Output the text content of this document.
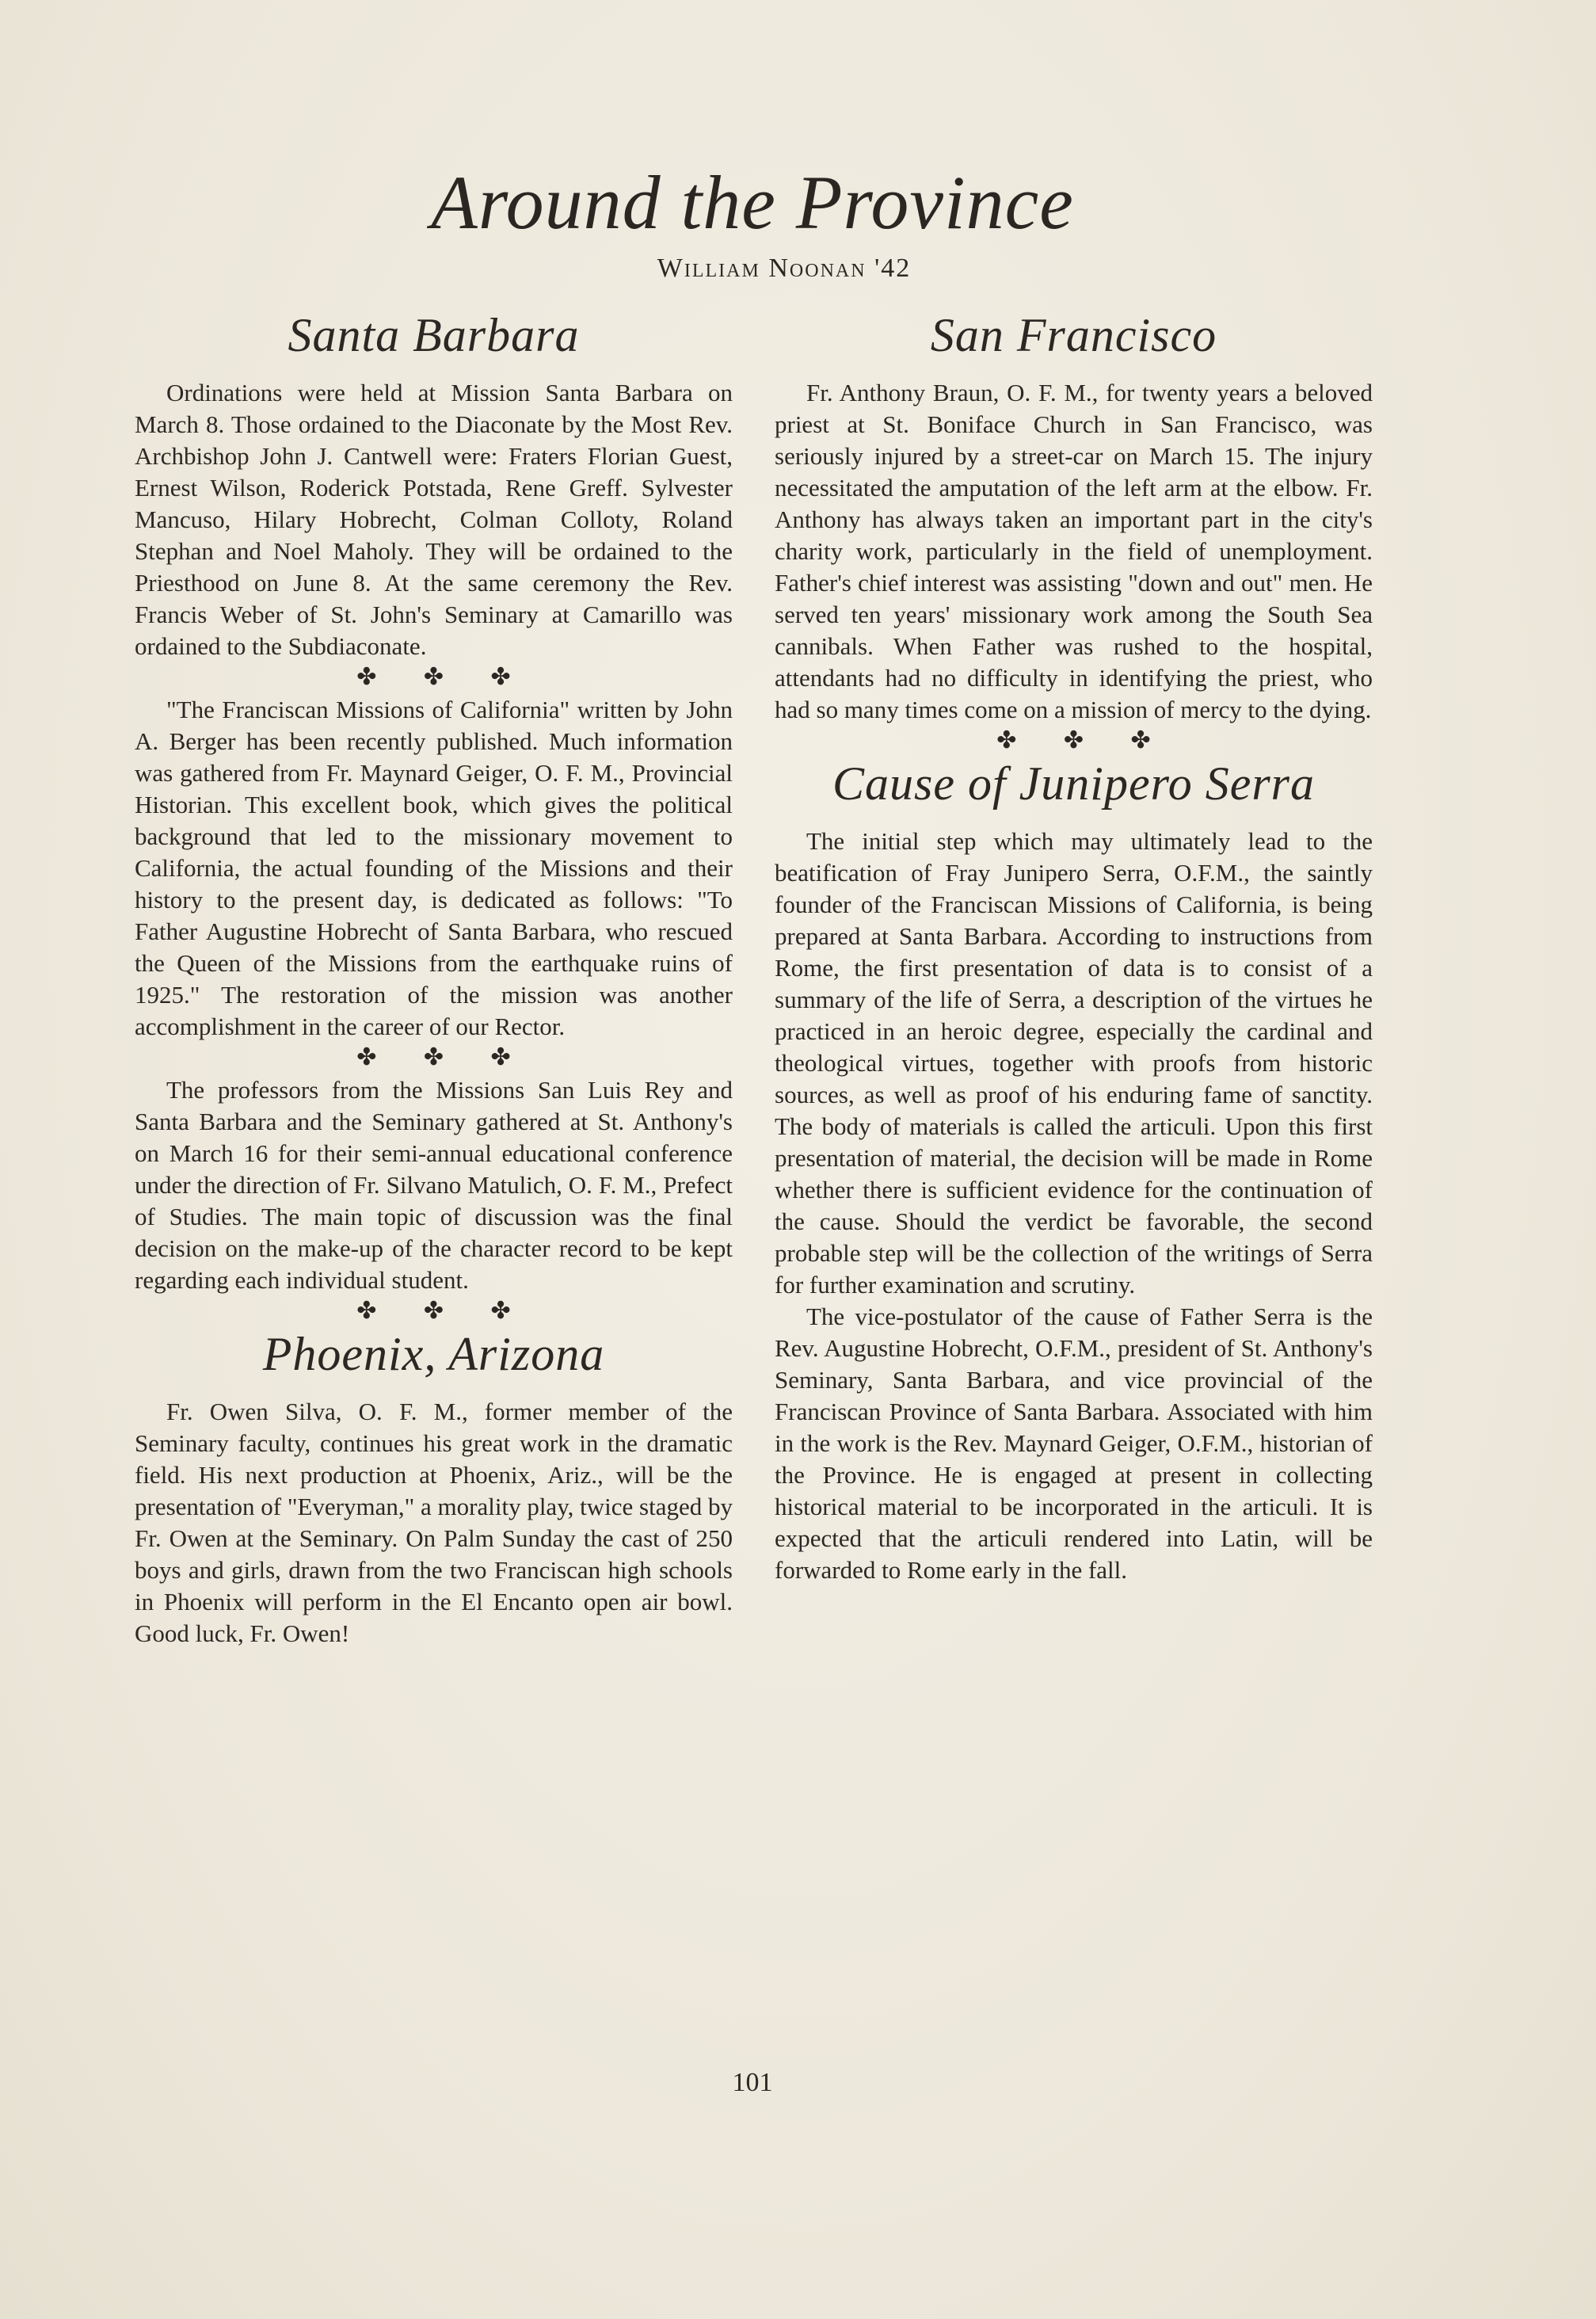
Around the Province
William Noonan '42
Santa Barbara

Ordinations were held at Mission Santa Barbara on March 8. Those ordained to the Diaconate by the Most Rev. Archbishop John J. Cantwell were: Fraters Florian Guest, Ernest Wilson, Roderick Potstada, Rene Greff. Sylvester Mancuso, Hilary Hobrecht, Colman Colloty, Roland Stephan and Noel Maholy. They will be ordained to the Priesthood on June 8. At the same ceremony the Rev. Francis Weber of St. John's Seminary at Camarillo was ordained to the Subdiaconate.

✤ ✤ ✤

"The Franciscan Missions of California" written by John A. Berger has been recently published. Much information was gathered from Fr. Maynard Geiger, O. F. M., Provincial Historian. This excellent book, which gives the political background that led to the missionary movement to California, the actual founding of the Missions and their history to the present day, is dedicated as follows: "To Father Augustine Hobrecht of Santa Barbara, who rescued the Queen of the Missions from the earthquake ruins of 1925." The restoration of the mission was another accomplishment in the career of our Rector.

✤ ✤ ✤

The professors from the Missions San Luis Rey and Santa Barbara and the Seminary gathered at St. Anthony's on March 16 for their semi-annual educational conference under the direction of Fr. Silvano Matulich, O. F. M., Prefect of Studies. The main topic of discussion was the final decision on the make-up of the character record to be kept regarding each individual student.

✤ ✤ ✤
Phoenix, Arizona

Fr. Owen Silva, O. F. M., former member of the Seminary faculty, continues his great work in the dramatic field. His next production at Phoenix, Ariz., will be the presentation of "Everyman," a morality play, twice staged by Fr. Owen at the Seminary. On Palm Sunday the cast of 250 boys and girls, drawn from the two Franciscan high schools in Phoenix will perform in the El Encanto open air bowl. Good luck, Fr. Owen!

San Francisco

Fr. Anthony Braun, O. F. M., for twenty years a beloved priest at St. Boniface Church in San Francisco, was seriously injured by a street-car on March 15. The injury necessitated the amputation of the left arm at the elbow. Fr. Anthony has always taken an important part in the city's charity work, particularly in the field of unemployment. Father's chief interest was assisting "down and out" men. He served ten years' missionary work among the South Sea cannibals. When Father was rushed to the hospital, attendants had no difficulty in identifying the priest, who had so many times come on a mission of mercy to the dying.

✤ ✤ ✤
Cause of Junipero Serra

The initial step which may ultimately lead to the beatification of Fray Junipero Serra, O.F.M., the saintly founder of the Franciscan Missions of California, is being prepared at Santa Barbara. According to instructions from Rome, the first presentation of data is to consist of a summary of the life of Serra, a description of the virtues he practiced in an heroic degree, especially the cardinal and theological virtues, together with proofs from historic sources, as well as proof of his enduring fame of sanctity. The body of materials is called the articuli. Upon this first presentation of material, the decision will be made in Rome whether there is sufficient evidence for the continuation of the cause. Should the verdict be favorable, the second probable step will be the collection of the writings of Serra for further examination and scrutiny.

The vice-postulator of the cause of Father Serra is the Rev. Augustine Hobrecht, O.F.M., president of St. Anthony's Seminary, Santa Barbara, and vice provincial of the Franciscan Province of Santa Barbara. Associated with him in the work is the Rev. Maynard Geiger, O.F.M., historian of the Province. He is engaged at present in collecting historical material to be incorporated in the articuli. It is expected that the articuli rendered into Latin, will be forwarded to Rome early in the fall.

101
